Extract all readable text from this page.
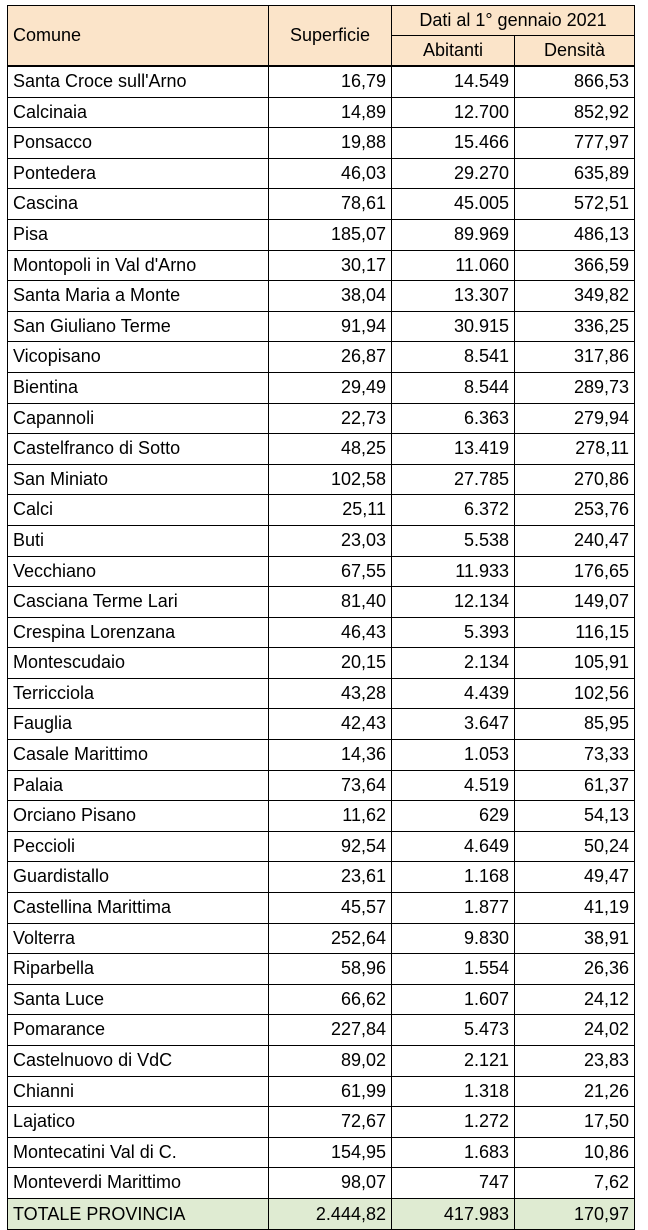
Comune	Superficie	Dati al 1° gennaio 2021	
		Abitanti	Densità
Santa Croce sull'Arno	16,79	14.549	866,53
Calcinaia	14,89	12.700	852,92
Ponsacco	19,88	15.466	777,97
Pontedera	46,03	29.270	635,89
Cascina	78,61	45.005	572,51
Pisa	185,07	89.969	486,13
Montopoli in Val d'Arno	30,17	11.060	366,59
Santa Maria a Monte	38,04	13.307	349,82
San Giuliano Terme	91,94	30.915	336,25
Vicopisano	26,87	8.541	317,86
Bientina	29,49	8.544	289,73
Capannoli	22,73	6.363	279,94
Castelfranco di Sotto	48,25	13.419	278,11
San Miniato	102,58	27.785	270,86
Calci	25,11	6.372	253,76
Buti	23,03	5.538	240,47
Vecchiano	67,55	11.933	176,65
Casciana Terme Lari	81,40	12.134	149,07
Crespina Lorenzana	46,43	5.393	116,15
Montescudaio	20,15	2.134	105,91
Terricciola	43,28	4.439	102,56
Fauglia	42,43	3.647	85,95
Casale Marittimo	14,36	1.053	73,33
Palaia	73,64	4.519	61,37
Orciano Pisano	11,62	629	54,13
Peccioli	92,54	4.649	50,24
Guardistallo	23,61	1.168	49,47
Castellina Marittima	45,57	1.877	41,19
Volterra	252,64	9.830	38,91
Riparbella	58,96	1.554	26,36
Santa Luce	66,62	1.607	24,12
Pomarance	227,84	5.473	24,02
Castelnuovo di VdC	89,02	2.121	23,83
Chianni	61,99	1.318	21,26
Lajatico	72,67	1.272	17,50
Montecatini Val di C.	154,95	1.683	10,86
Monteverdi Marittimo	98,07	747	7,62
TOTALE PROVINCIA	2.444,82	417.983	170,97
